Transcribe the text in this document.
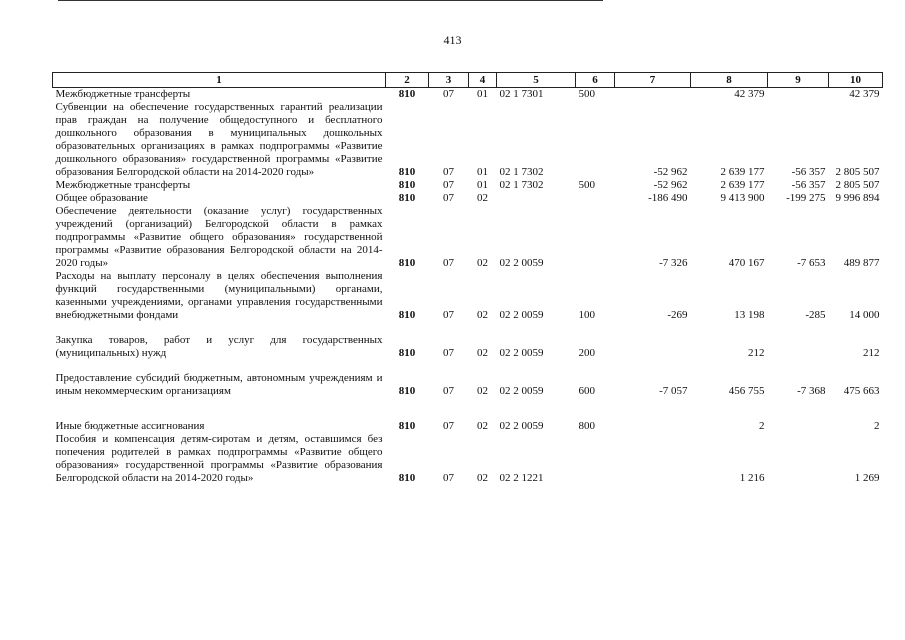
413
1	2	3	4	5	6	7	8	9	10
Межбюджетные трансферты	810	07	01	02 1 7301	500		42 379		42 379
Субвенции на обеспечение государственных гарантий реализации прав граждан на получение общедоступного и бесплатного дошкольного образования в муниципальных дошкольных образовательных организациях в рамках подпрограммы «Развитие дошкольного образования» государственной программы «Развитие образования Белгородской области на 2014-2020 годы»	810	07	01	02 1 7302		-52 962	2 639 177	-56 357	2 805 507
Межбюджетные трансферты	810	07	01	02 1 7302	500	-52 962	2 639 177	-56 357	2 805 507
Общее образование	810	07	02			-186 490	9 413 900	-199 275	9 996 894
Обеспечение деятельности (оказание услуг) государственных учреждений (организаций) Белгородской области в рамках подпрограммы «Развитие общего образования» государственной программы «Развитие образования Белгородской области на 2014-2020 годы»	810	07	02	02 2 0059		-7 326	470 167	-7 653	489 877
Расходы на выплату персоналу в целях обеспечения выполнения функций государственными (муниципальными) органами, казенными учреждениями, органами управления государственными внебюджетными фондами	810	07	02	02 2 0059	100	-269	13 198	-285	14 000
Закупка товаров, работ и услуг для государственных (муниципальных) нужд	810	07	02	02 2 0059	200		212		212
Предоставление субсидий бюджетным, автономным учреждениям и иным некоммерческим организациям	810	07	02	02 2 0059	600	-7 057	456 755	-7 368	475 663
Иные бюджетные ассигнования	810	07	02	02 2 0059	800		2		2
Пособия и компенсация детям-сиротам и детям, оставшимся без попечения родителей в рамках подпрограммы «Развитие общего образования» государственной программы «Развитие образования Белгородской области на 2014-2020 годы»	810	07	02	02 2 1221			1 216		1 269
